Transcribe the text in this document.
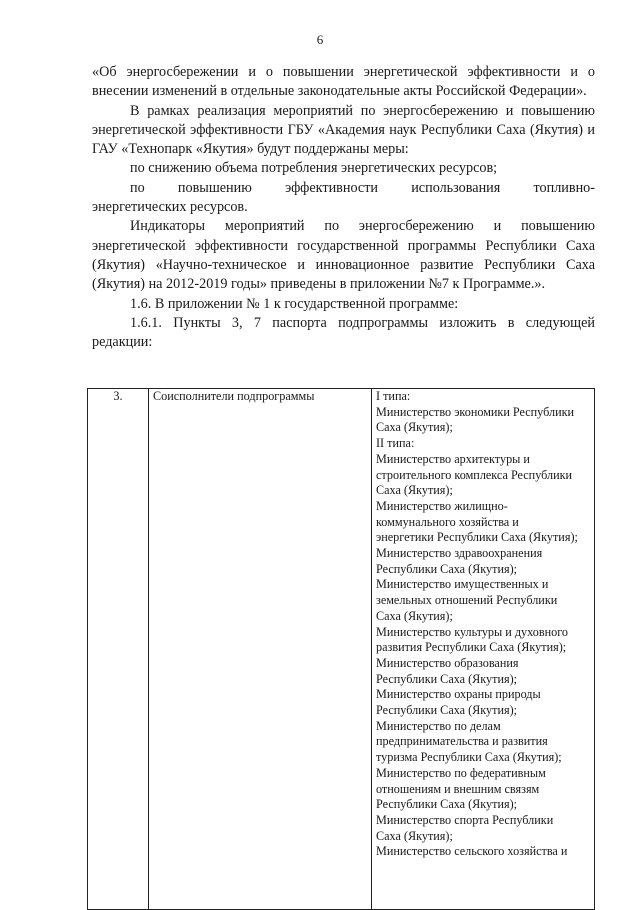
6

«Об энергосбережении и о повышении энергетической эффективности и о внесении изменений в отдельные законодательные акты Российской Федерации».

В рамках реализация мероприятий по энергосбережению и повышению энергетической эффективности ГБУ «Академия наук Республики Саха (Якутия) и ГАУ «Технопарк «Якутия» будут поддержаны меры:

по снижению объема потребления энергетических ресурсов;

по повышению эффективности использования топливно-

энергетических ресурсов.

Индикаторы мероприятий по энергосбережению и повышению энергетической эффективности государственной программы Республики Саха (Якутия) «Научно-техническое и инновационное развитие Республики Саха (Якутия) на 2012-2019 годы» приведены в приложении №7 к Программе.».

1.6. В приложении № 1 к государственной программе:

1.6.1. Пункты 3, 7 паспорта подпрограммы изложить в следующей редакции:

3.	Соисполнители подпрограммы	I типа:
Министерство экономики Республики
Саха (Якутия);
II типа:
Министерство архитектуры и
строительного комплекса Республики
Саха (Якутия);
Министерство жилищно-
коммунального хозяйства и
энергетики Республики Саха (Якутия);
Министерство здравоохранения
Республики Саха (Якутия);
Министерство имущественных и
земельных отношений Республики
Саха (Якутия);
Министерство культуры и духовного
развития Республики Саха (Якутия);
Министерство образования
Республики Саха (Якутия);
Министерство охраны природы
Республики Саха (Якутия);
Министерство по делам
предпринимательства и развития
туризма Республики Саха (Якутия);
Министерство по федеративным
отношениям и внешним связям
Республики Саха (Якутия);
Министерство спорта Республики
Саха (Якутия);
Министерство сельского хозяйства и
